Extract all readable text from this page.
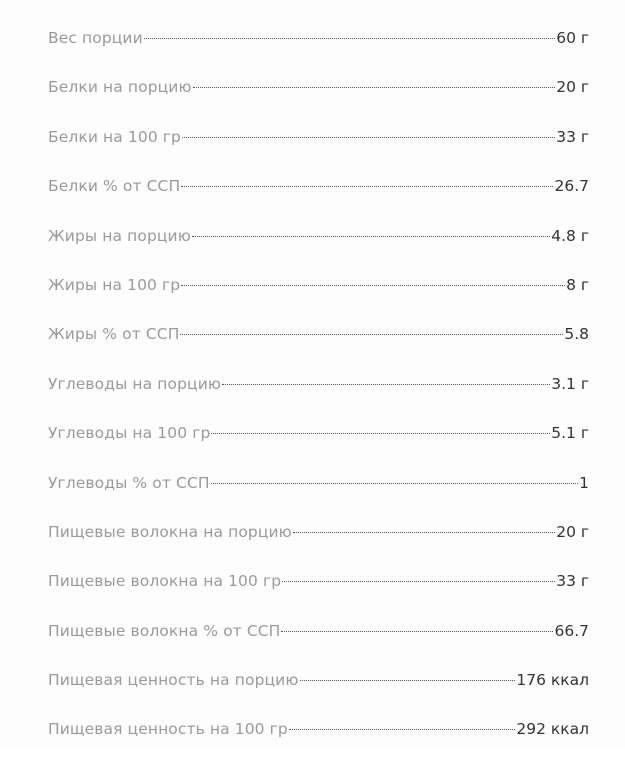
Вес порции	60 г
Белки на порцию	20 г
Белки на 100 гр	33 г
Белки % от ССП	26.7
Жиры на порцию	4.8 г
Жиры на 100 гр	8 г
Жиры % от ССП	5.8
Углеводы на порцию	3.1 г
Углеводы на 100 гр	5.1 г
Углеводы % от ССП	1
Пищевые волокна на порцию	20 г
Пищевые волокна на 100 гр	33 г
Пищевые волокна % от ССП	66.7
Пищевая ценность на порцию	176 ккал
Пищевая ценность на 100 гр	292 ккал
